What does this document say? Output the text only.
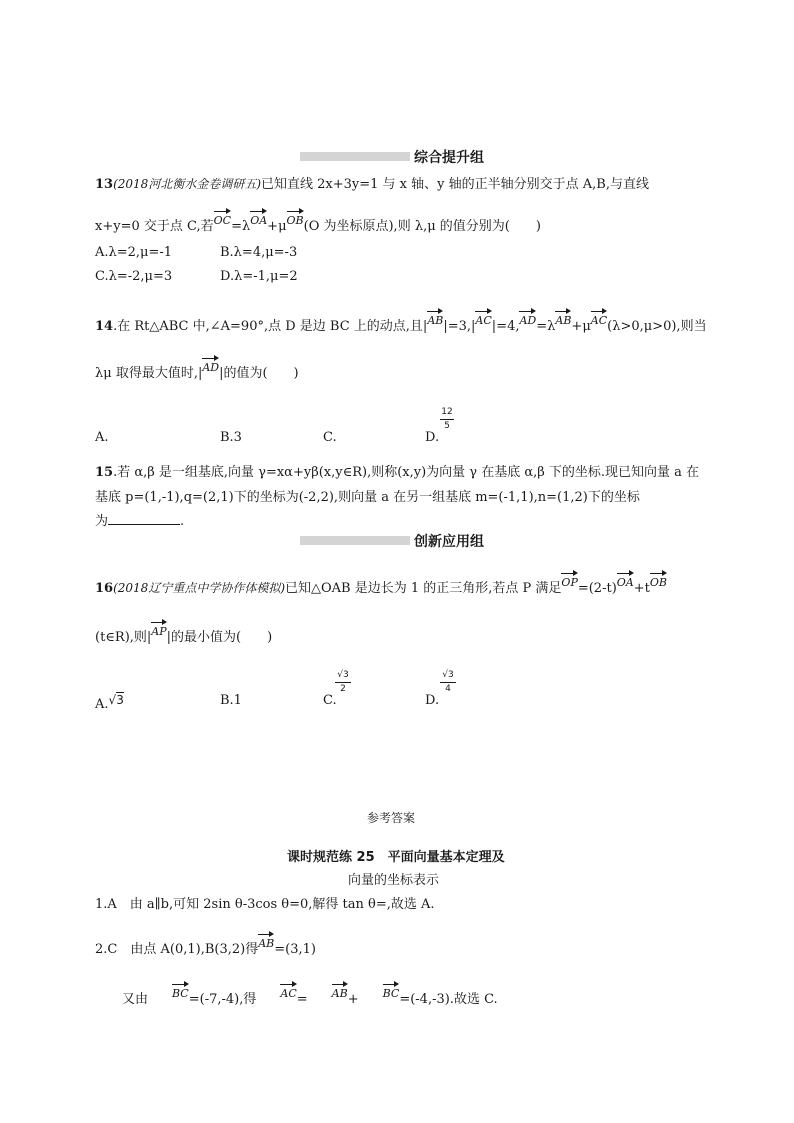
综合提升组
13(2018河北衡水金卷调研五)已知直线 2x+3y=1 与 x 轴、y 轴的正半轴分别交于点 A,B,与直线
x+y=0 交于点 C,若OC=λOA+μOB(O 为坐标原点),则 λ,μ 的值分别为(　　)
A.λ=2,μ=-1	B.λ=4,μ=-3
C.λ=-2,μ=3	D.λ=-1,μ=2
14.在 Rt△ABC 中,∠A=90°,点 D 是边 BC 上的动点,且|AB|=3,|AC|=4,AD=λAB+μAC(λ>0,μ>0),则当
λμ 取得最大值时,|AD|的值为(　　)
A.	B.3	C.	D.
12
5
15.若 α,β 是一组基底,向量 γ=xα+yβ(x,y∈R),则称(x,y)为向量 γ 在基底 α,β 下的坐标.现已知向量 a 在
基底 p=(1,-1),q=(2,1)下的坐标为(-2,2),则向量 a 在另一组基底 m=(-1,1),n=(1,2)下的坐标
为	.
创新应用组
16(2018辽宁重点中学协作体模拟)已知△OAB 是边长为 1 的正三角形,若点 P 满足OP=(2-t)OA+tOB
(t∈R),则|AP|的最小值为(　　)
A.√3	B.1	C.
√3
2
D.
√3
4
参考答案
课时规范练 25　平面向量基本定理及
向量的坐标表示
1.A　由 a∥b,可知 2sin θ-3cos θ=0,解得 tan θ=,故选 A.
2.C　由点 A(0,1),B(3,2)得AB=(3,1)
又由 BC=(-7,-4),得 AC= AB+ BC=(-4,-3).故选 C.
